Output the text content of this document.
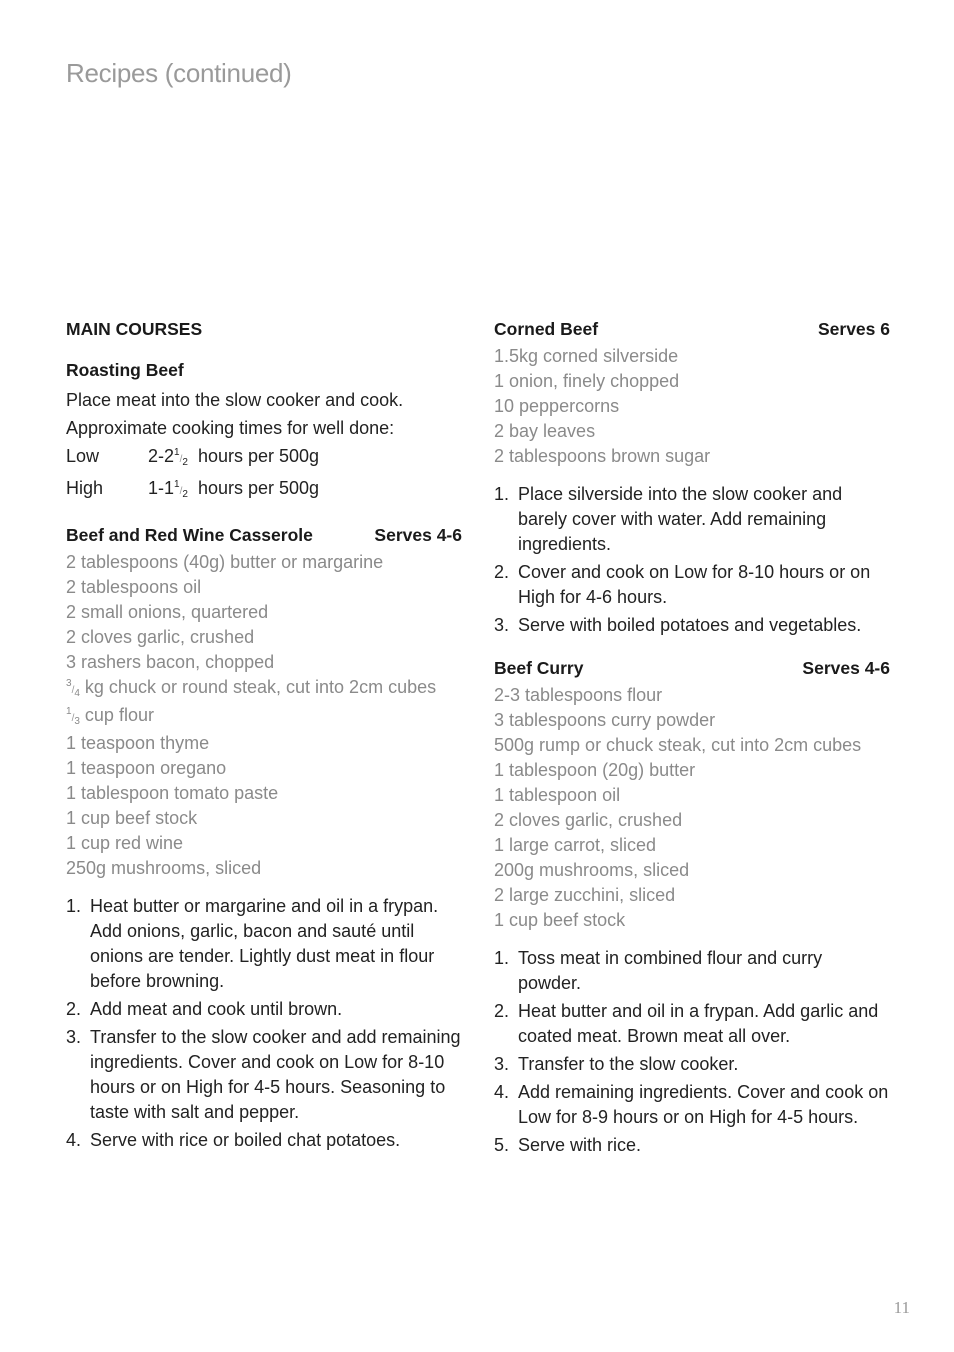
Recipes (continued)
MAIN COURSES
Roasting Beef
Place meat into the slow cooker and cook.
Approximate cooking times for well done:
Low	2-21/2 hours per 500g
High	1-11/2 hours per 500g
Beef and Red Wine Casserole	Serves 4-6
2 tablespoons (40g) butter or margarine
2 tablespoons oil
2 small onions, quartered
2 cloves garlic, crushed
3 rashers bacon, chopped
3/4 kg chuck or round steak, cut into 2cm cubes
1/3 cup flour
1 teaspoon thyme
1 teaspoon oregano
1 tablespoon tomato paste
1 cup beef stock
1 cup red wine
250g mushrooms, sliced
1. Heat butter or margarine and oil in a frypan. Add onions, garlic, bacon and sauté until onions are tender. Lightly dust meat in flour before browning.
2. Add meat and cook until brown.
3. Transfer to the slow cooker and add remaining ingredients. Cover and cook on Low for 8-10 hours or on High for 4-5 hours. Seasoning to taste with salt and pepper.
4. Serve with rice or boiled chat potatoes.
Corned Beef	Serves 6
1.5kg corned silverside
1 onion, finely chopped
10 peppercorns
2 bay leaves
2 tablespoons brown sugar
1. Place silverside into the slow cooker and barely cover with water. Add remaining ingredients.
2. Cover and cook on Low for 8-10 hours or on High for 4-6 hours.
3. Serve with boiled potatoes and vegetables.
Beef Curry	Serves 4-6
2-3 tablespoons flour
3 tablespoons curry powder
500g rump or chuck steak, cut into 2cm cubes
1 tablespoon (20g) butter
1 tablespoon oil
2 cloves garlic, crushed
1 large carrot, sliced
200g mushrooms, sliced
2 large zucchini, sliced
1 cup beef stock
1. Toss meat in combined flour and curry powder.
2. Heat butter and oil in a frypan. Add garlic and coated meat. Brown meat all over.
3. Transfer to the slow cooker.
4. Add remaining ingredients. Cover and cook on Low for 8-9 hours or on High for 4-5 hours.
5. Serve with rice.
11
